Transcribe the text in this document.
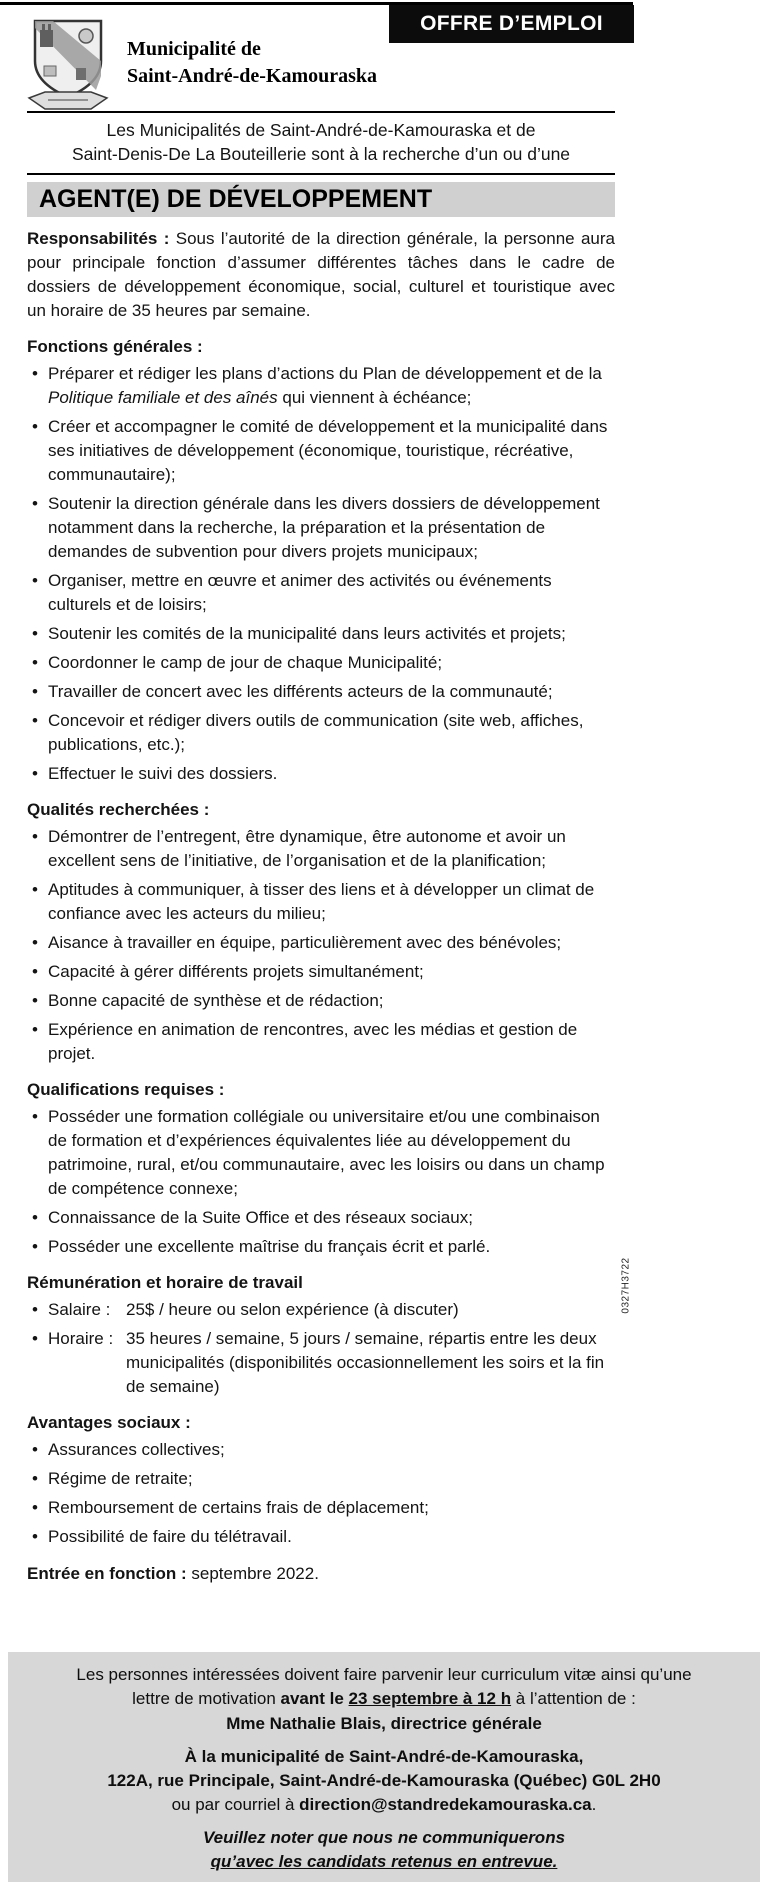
OFFRE D’EMPLOI
Municipalité de
Saint-André-de-Kamouraska
Les Municipalités de Saint-André-de-Kamouraska et de
Saint-Denis-De La Bouteillerie sont à la recherche d’un ou d’une
AGENT(E) DE DÉVELOPPEMENT

Responsabilités : Sous l’autorité de la direction générale, la personne aura pour principale fonction d’assumer différentes tâches dans le cadre de dossiers de développement économique, social, culturel et touristique avec un horaire de 35 heures par semaine.

Fonctions générales :
• Préparer et rédiger les plans d’actions du Plan de développement et de la Politique familiale et des aînés qui viennent à échéance;
• Créer et accompagner le comité de développement et la municipalité dans ses initiatives de développement (économique, touristique, récréative, communautaire);
• Soutenir la direction générale dans les divers dossiers de développement notamment dans la recherche, la préparation et la présentation de demandes de subvention pour divers projets municipaux;
• Organiser, mettre en œuvre et animer des activités ou événements culturels et de loisirs;
• Soutenir les comités de la municipalité dans leurs activités et projets;
• Coordonner le camp de jour de chaque Municipalité;
• Travailler de concert avec les différents acteurs de la communauté;
• Concevoir et rédiger divers outils de communication (site web, affiches, publications, etc.);
• Effectuer le suivi des dossiers.
Qualités recherchées :
• Démontrer de l’entregent, être dynamique, être autonome et avoir un excellent sens de l’initiative, de l’organisation et de la planification;
• Aptitudes à communiquer, à tisser des liens et à développer un climat de confiance avec les acteurs du milieu;
• Aisance à travailler en équipe, particulièrement avec des bénévoles;
• Capacité à gérer différents projets simultanément;
• Bonne capacité de synthèse et de rédaction;
• Expérience en animation de rencontres, avec les médias et gestion de projet.
Qualifications requises :
• Posséder une formation collégiale ou universitaire et/ou une combinaison de formation et d’expériences équivalentes liée au développement du patrimoine, rural, et/ou communautaire, avec les loisirs ou dans un champ de compétence connexe;
• Connaissance de la Suite Office et des réseaux sociaux;
• Posséder une excellente maîtrise du français écrit et parlé.
Rémunération et horaire de travail
• Salaire : 25$ / heure ou selon expérience (à discuter)
• Horaire : 35 heures / semaine, 5 jours / semaine, répartis entre les deux municipalités (disponibilités occasionnellement les soirs et la fin de semaine)
Avantages sociaux :
• Assurances collectives;
• Régime de retraite;
• Remboursement de certains frais de déplacement;
• Possibilité de faire du télétravail.

Entrée en fonction : septembre 2022.

Les personnes intéressées doivent faire parvenir leur curriculum vitæ ainsi qu’une lettre de motivation avant le 23 septembre à 12 h à l’attention de :

Mme Nathalie Blais, directrice générale
À la municipalité de Saint-André-de-Kamouraska,
122A, rue Principale, Saint-André-de-Kamouraska (Québec) G0L 2H0
ou par courriel à direction@standredekamouraska.ca.
Veuillez noter que nous ne communiquerons
qu’avec les candidats retenus en entrevue.
0327H3722
